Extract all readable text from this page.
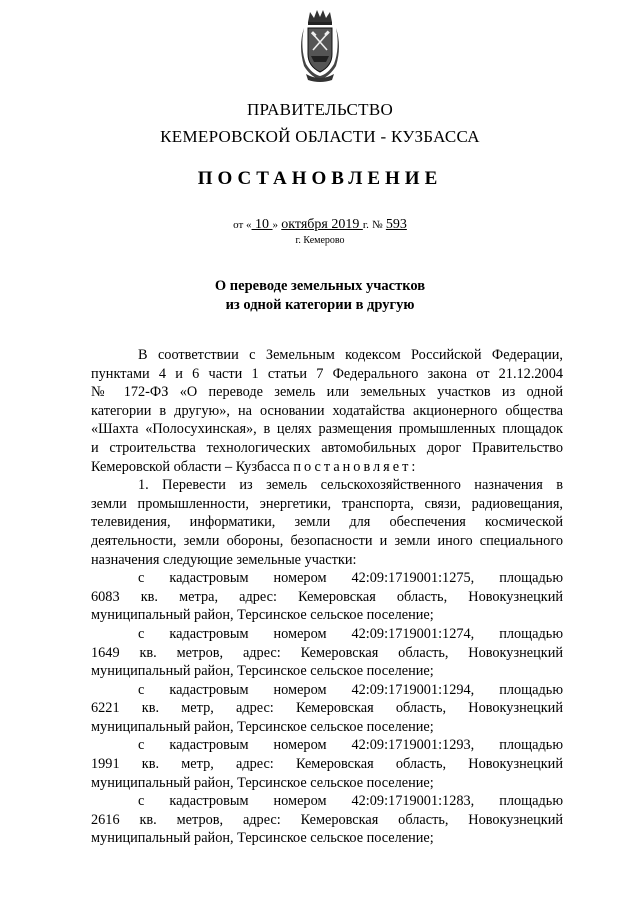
ПРАВИТЕЛЬСТВО
КЕМЕРОВСКОЙ ОБЛАСТИ - КУЗБАССА
ПОСТАНОВЛЕНИЕ
от « 10 » октября 2019 г. № 593
г. Кемерово
О переводе земельных участков
из одной категории в другую
В соответствии с Земельным кодексом Российской Федерации,
пунктами 4 и 6 части 1 статьи 7 Федерального закона от 21.12.2004
№ 172-ФЗ «О переводе земель или земельных участков из одной
категории в другую», на основании ходатайства акционерного общества
«Шахта «Полосухинская», в целях размещения промышленных площадок
и строительства технологических автомобильных дорог Правительство
Кемеровской области – Кузбасса постановляет:
1. Перевести из земель сельскохозяйственного назначения в
земли промышленности, энергетики, транспорта, связи, радиовещания,
телевидения, информатики, земли для обеспечения космической
деятельности, земли обороны, безопасности и земли иного специального
назначения следующие земельные участки:
с кадастровым номером 42:09:1719001:1275, площадью
6083 кв. метра, адрес: Кемеровская область, Новокузнецкий
муниципальный район, Терсинское сельское поселение;
с кадастровым номером 42:09:1719001:1274, площадью
1649 кв. метров, адрес: Кемеровская область, Новокузнецкий
муниципальный район, Терсинское сельское поселение;
с кадастровым номером 42:09:1719001:1294, площадью
6221 кв. метр, адрес: Кемеровская область, Новокузнецкий
муниципальный район, Терсинское сельское поселение;
с кадастровым номером 42:09:1719001:1293, площадью
1991 кв. метр, адрес: Кемеровская область, Новокузнецкий
муниципальный район, Терсинское сельское поселение;
с кадастровым номером 42:09:1719001:1283, площадью
2616 кв. метров, адрес: Кемеровская область, Новокузнецкий
муниципальный район, Терсинское сельское поселение;
